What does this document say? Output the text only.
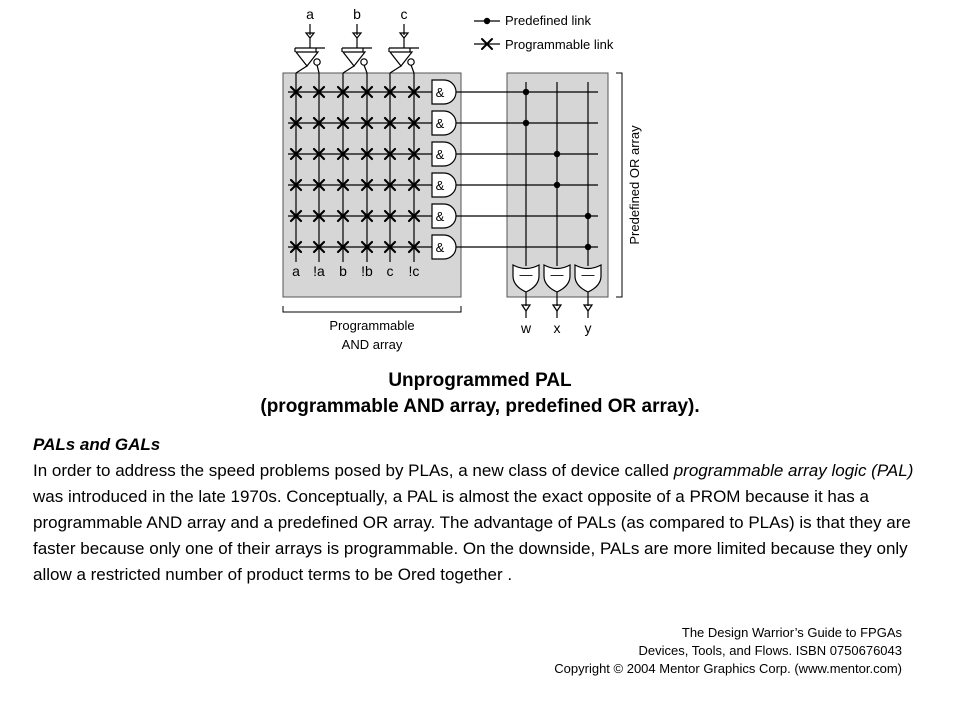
&
&
&
&
&
&
— — —
a	b	c
w x y
a !a b !b c !c
Programmable
AND array
Predefined OR array
Predefined link
Programmable link
Unprogrammed PAL
(programmable AND array, predefined OR array).
PALs and GALs
In order to address the speed problems posed by PLAs, a new class of device called programmable array logic (PAL) was introduced in the late 1970s. Conceptually, a PAL is almost the exact opposite of a PROM because it has a programmable AND array and a predefined OR array. The advantage of PALs (as compared to PLAs) is that they are faster because only one of their arrays is programmable. On the downside, PALs are more limited because they only allow a restricted number of product terms to be Ored together .
The Design Warrior’s Guide to FPGAs
Devices, Tools, and Flows. ISBN 0750676043
Copyright © 2004 Mentor Graphics Corp. (www.mentor.com)
